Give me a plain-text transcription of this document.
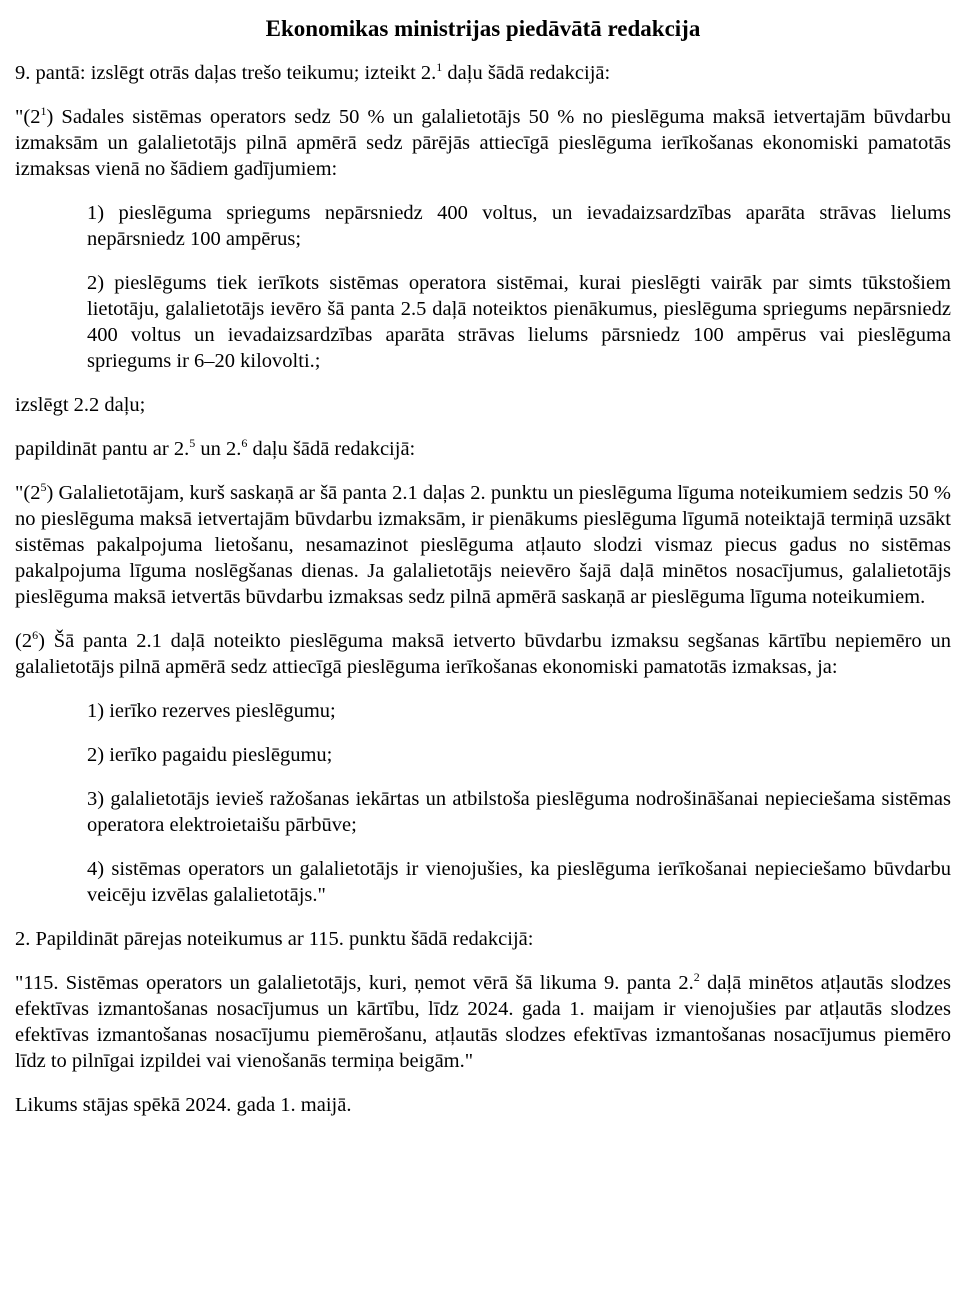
Ekonomikas ministrijas piedāvātā redakcija

9. pantā: izslēgt otrās daļas trešo teikumu; izteikt 2.$^1$ daļu šādā redakcijā:

"$(2^1)$ Sadales sistēmas operators sedz 50 % un galalietotājs 50 % no pieslēguma maksā ietvertajām būvdarbu izmaksām un galalietotājs pilnā apmērā sedz pārējās attiecīgā pieslēguma ierīkošanas ekonomiski pamatotās izmaksas vienā no šādiem gadījumiem:

1) pieslēguma spriegums nepārsniedz 400 voltus, un ievadaizsardzības aparāta strāvas lielums nepārsniedz 100 ampērus;

2) pieslēgums tiek ierīkots sistēmas operatora sistēmai, kurai pieslēgti vairāk par simts tūkstošiem lietotāju, galalietotājs ievēro šā panta 2.5 daļā noteiktos pienākumus, pieslēguma spriegums nepārsniedz 400 voltus un ievadaizsardzības aparāta strāvas lielums pārsniedz 100 ampērus vai pieslēguma spriegums ir 6–20 kilovolti.;

izslēgt 2.2 daļu;

papildināt pantu ar 2.$^5$ un 2.$^6$ daļu šādā redakcijā:

"$(2^5)$ Galalietotājam, kurš saskaņā ar šā panta 2.1 daļas 2. punktu un pieslēguma līguma noteikumiem sedzis 50 % no pieslēguma maksā ietvertajām būvdarbu izmaksām, ir pienākums pieslēguma līgumā noteiktajā termiņā uzsākt sistēmas pakalpojuma lietošanu, nesamazinot pieslēguma atļauto slodzi vismaz piecus gadus no sistēmas pakalpojuma līguma noslēgšanas dienas. Ja galalietotājs neievēro šajā daļā minētos nosacījumus, galalietotājs pieslēguma maksā ietvertās būvdarbu izmaksas sedz pilnā apmērā saskaņā ar pieslēguma līguma noteikumiem.

$(2^6)$ Šā panta 2.1 daļā noteikto pieslēguma maksā ietverto būvdarbu izmaksu segšanas kārtību nepiemēro un galalietotājs pilnā apmērā sedz attiecīgā pieslēguma ierīkošanas ekonomiski pamatotās izmaksas, ja:

1) ierīko rezerves pieslēgumu;

2) ierīko pagaidu pieslēgumu;

3) galalietotājs ievieš ražošanas iekārtas un atbilstoša pieslēguma nodrošināšanai nepieciešama sistēmas operatora elektroietaišu pārbūve;

4) sistēmas operators un galalietotājs ir vienojušies, ka pieslēguma ierīkošanai nepieciešamo būvdarbu veicēju izvēlas galalietotājs."

2. Papildināt pārejas noteikumus ar 115. punktu šādā redakcijā:

"115. Sistēmas operators un galalietotājs, kuri, ņemot vērā šā likuma 9. panta 2.$^2$ daļā minētos atļautās slodzes efektīvas izmantošanas nosacījumus un kārtību, līdz 2024. gada 1. maijam ir vienojušies par atļautās slodzes efektīvas izmantošanas nosacījumu piemērošanu, atļautās slodzes efektīvas izmantošanas nosacījumus piemēro līdz to pilnīgai izpildei vai vienošanās termiņa beigām."

Likums stājas spēkā 2024. gada 1. maijā.
